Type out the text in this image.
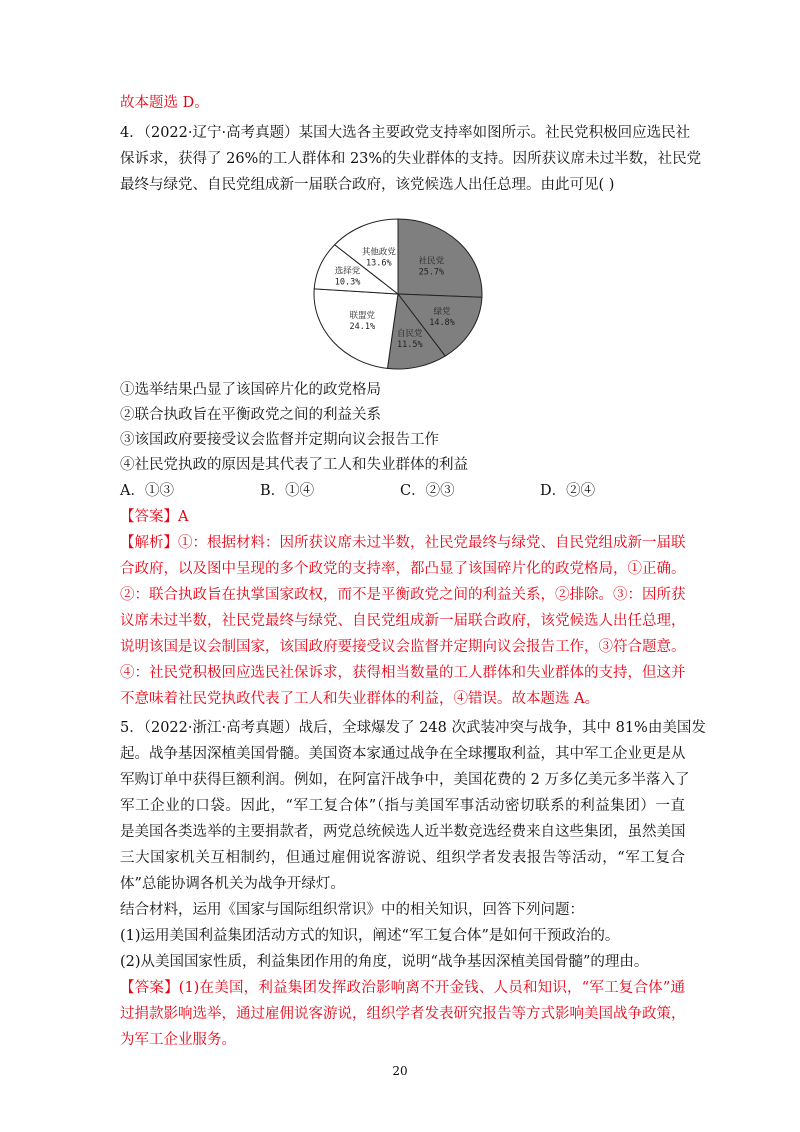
故本题选 D。
4．（2022·辽宁·高考真题）某国大选各主要政党支持率如图所示。社民党积极回应选民社
保诉求，获得了 26%的工人群体和 23%的失业群体的支持。因所获议席未过半数，社民党
最终与绿党、自民党组成新一届联合政府，该党候选人出任总理。由此可见( )
社民党
25.7%
绿党
14.8%
自民党
11.5%
联盟党
24.1%
选择党
10.3%
其他政党
13.6%
①选举结果凸显了该国碎片化的政党格局
②联合执政旨在平衡政党之间的利益关系
③该国政府要接受议会监督并定期向议会报告工作
④社民党执政的原因是其代表了工人和失业群体的利益
A．①③	B．①④	C．②③	D．②④
【答案】A
【解析】①：根据材料：因所获议席未过半数，社民党最终与绿党、自民党组成新一届联
合政府，以及图中呈现的多个政党的支持率，都凸显了该国碎片化的政党格局，①正确。
②：联合执政旨在执掌国家政权，而不是平衡政党之间的利益关系，②排除。③：因所获
议席未过半数，社民党最终与绿党、自民党组成新一届联合政府，该党候选人出任总理，
说明该国是议会制国家，该国政府要接受议会监督并定期向议会报告工作，③符合题意。
④：社民党积极回应选民社保诉求，获得相当数量的工人群体和失业群体的支持，但这并
不意味着社民党执政代表了工人和失业群体的利益，④错误。故本题选 A。
5．（2022·浙江·高考真题）战后，全球爆发了 248 次武装冲突与战争，其中 81%由美国发
起。战争基因深植美国骨髓。美国资本家通过战争在全球攫取利益，其中军工企业更是从
军购订单中获得巨额利润。例如，在阿富汗战争中，美国花费的 2 万多亿美元多半落入了
军工企业的口袋。因此，“军工复合体”（指与美国军事活动密切联系的利益集团）一直
是美国各类选举的主要捐款者，两党总统候选人近半数竞选经费来自这些集团，虽然美国
三大国家机关互相制约，但通过雇佣说客游说、组织学者发表报告等活动，“军工复合
体”总能协调各机关为战争开绿灯。
结合材料，运用《国家与国际组织常识》中的相关知识，回答下列问题：
(1)运用美国利益集团活动方式的知识，阐述“军工复合体”是如何干预政治的。
(2)从美国国家性质，利益集团作用的角度，说明“战争基因深植美国骨髓”的理由。
【答案】(1)在美国，利益集团发挥政治影响离不开金钱、人员和知识，“军工复合体”通
过捐款影响选举，通过雇佣说客游说，组织学者发表研究报告等方式影响美国战争政策，
为军工企业服务。
20
